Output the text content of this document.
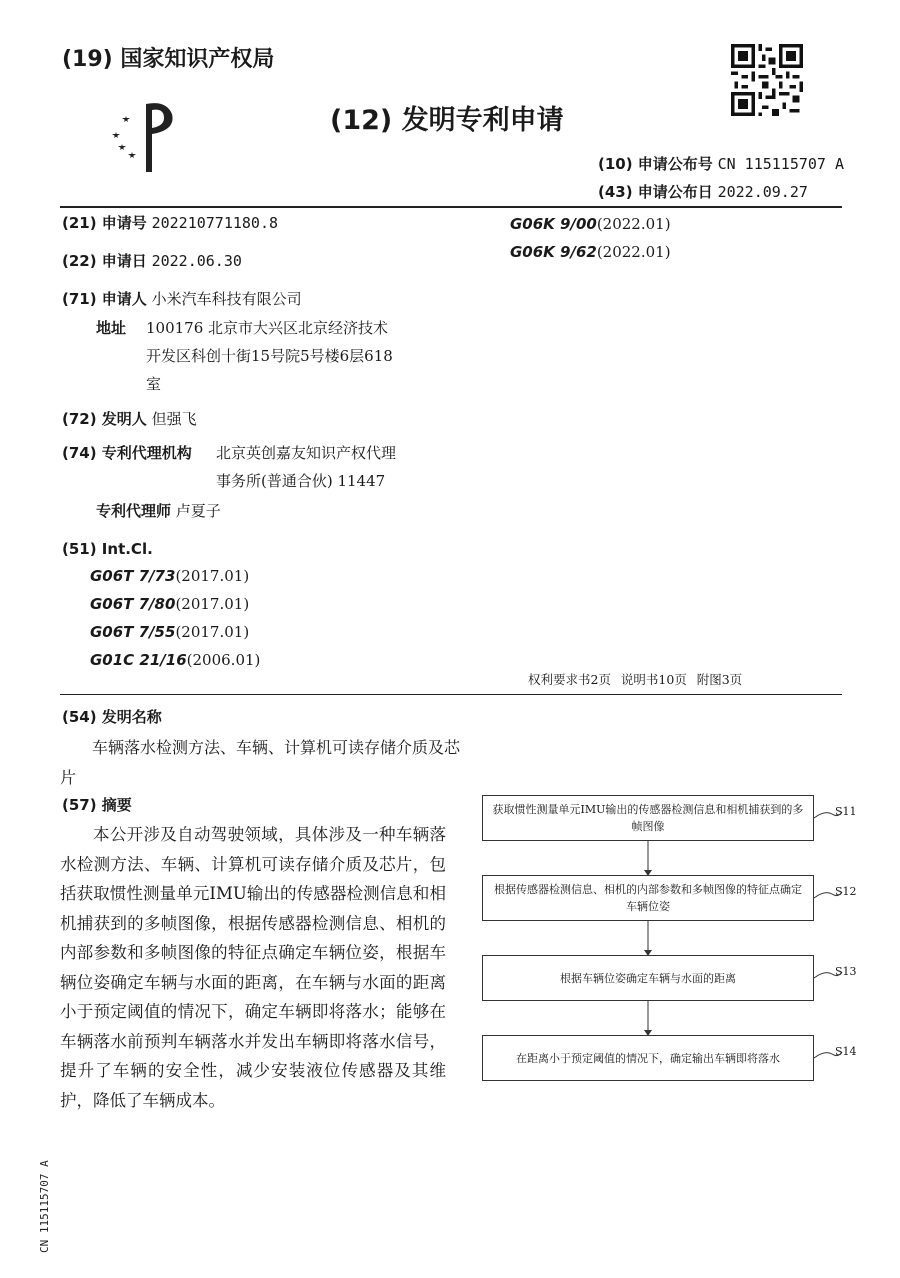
(19) 国家知识产权局
(12) 发明专利申请
(10) 申请公布号 CN 115115707 A
(43) 申请公布日 2022.09.27
(21) 申请号 202210771180.8
(22) 申请日 2022.06.30
(71) 申请人 小米汽车科技有限公司
地址 100176 北京市大兴区北京经济技术
开发区科创十街15号院5号楼6层618
室
(72) 发明人 但强飞
(74) 专利代理机构 北京英创嘉友知识产权代理
事务所(普通合伙) 11447
专利代理师 卢夏子
(51) Int.Cl.
G06T 7/73(2017.01)
G06T 7/80(2017.01)
G06T 7/55(2017.01)
G01C 21/16(2006.01)
G06K 9/00(2022.01)
G06K 9/62(2022.01)
权利要求书2页 说明书10页 附图3页
(54) 发明名称
车辆落水检测方法、车辆、计算机可读存储介质及芯片
(57) 摘要
本公开涉及自动驾驶领域，具体涉及一种车辆落水检测方法、车辆、计算机可读存储介质及芯片，包括获取惯性测量单元IMU输出的传感器检测信息和相机捕获到的多帧图像，根据传感器检测信息、相机的内部参数和多帧图像的特征点确定车辆位姿，根据车辆位姿确定车辆与水面的距离，在车辆与水面的距离小于预定阈值的情况下，确定车辆即将落水；能够在车辆落水前预判车辆落水并发出车辆即将落水信号，提升了车辆的安全性，减少安装液位传感器及其维护，降低了车辆成本。
获取惯性测量单元IMU输出的传感器检测信息和相机捕获到的多帧图像
根据传感器检测信息、相机的内部参数和多帧图像的特征点确定车辆位姿
根据车辆位姿确定车辆与水面的距离
在距离小于预定阈值的情况下，确定输出车辆即将落水
S11
S12
S13
S14
CN 115115707 A
